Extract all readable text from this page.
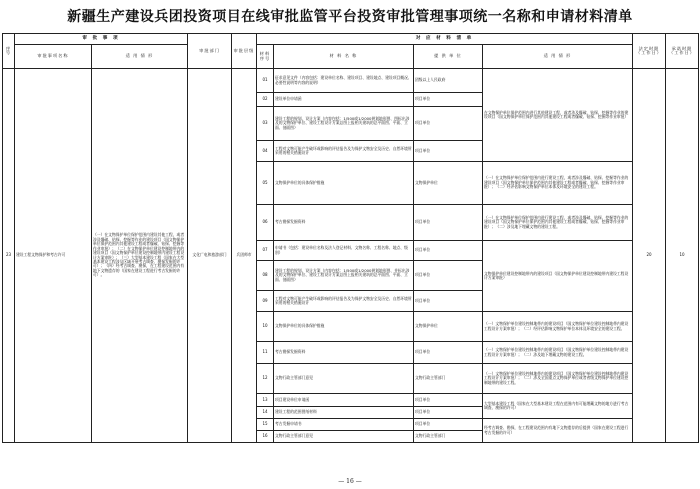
新疆生产建设兵团投资项目在线审批监管平台投资审批管理事项统一名称和申请材料清单
序号	审 批 事 项		审批部门	审批层级	对 应 材 料 清 单				法定时限（工作日）	承诺时限（工作日）
	审批事项名称	适 用 情 形			材料序号	材 料 名 称	提 供 单 位	适 用 情 形		
23	建设工程文物保护和考古许可	（一）在文物保护单位保护范围内建设其他工程，或者涉及爆破、钻探、挖掘等作业的建设项目（国文物保护单位保护范围内其他建设工程或者爆破、钻探、挖掘等作业审批）；（二）在文物保护单位建设控制地带内的建设项目（国文物保护单位建设控制地带内建设工程设计方案审批）；（三）大型基本建设工程（国家在大型基本建设工程涉及区域开展考古调查、勘探发掘的许可）；（四）经考古调查、勘探，在工程建设范围内有地下文物遗存的（国家在建设工程进行考古发掘的许可）。	文化广电和旅游部门	兵团师市	01	征求意见文件（内容包括：建设单位名称、建设项目、建设地点、建设项目概况、必要性说明等内容的说明）	团级以上人民政府	在文物保护单位保护范围内进行其他建设工程，或者涉及爆破、钻探、挖掘等作业的建设项目（国文物保护单位保护范围内其他建设工程或者爆破、钻探、挖掘等作业审批）	20	10
					02	建设单位申请函	项目单位			
					03	建设工程的规划、设计方案（内容包括：1/500或1/2000规划地形图、图标出涉及的文物保护单位、建设工程设计方案总图上报相关建筑的总平面图、平面、立面、剖面图）	项目单位			
					04	工程对文物可能产生破坏或影响的评估报告及为保护文物安全及历史、自然环境所采用的相关措施设计	项目单位			
					05	文物保护单位的具体保护措施	文物保护单位	（一）在文物保护单位保护范围内进行建设工程，或者涉及爆破、钻探、挖掘等作业的建设项目（国文物保护单位保护范围内其他建设工程或者爆破、钻探、挖掘等作业审批）；（二）经评估影响文物保护单位本体及环境安全的建设工程。		
					06	考古勘探发掘资料	项目单位	（一）在文物保护单位保护范围内进行建设工程，或者涉及爆破、钻探、挖掘等作业的建设项目（国文物保护单位保护范围内其他建设工程或者爆破、钻探、挖掘等作业审批）；（二）涉及地下埋藏文物的建设工程。		
					07	申请书（包括：建设单位名称及法人登记材料、文物名称、工程名称、地点、级别）	项目单位	文物保护单位建设控制地带内的建设项目（国文物保护单位建设控制地带内建设工程设计方案审批）		
					08	建设工程的规划、设计方案（内容包括：1/500或1/2000规划地形图、并标出涉及的文物保护单位、建设工程设计方案总图上报相关建筑的总平面图、平面、立面、剖面图）	项目单位			
					09	工程对文物可能产生破坏或影响的评估报告及为保护文物安全及历史、自然环境所采用的相关措施设计	项目单位			
					10	文物保护单位的具体保护措施	文物保护单位	（一）文物保护单位建设控制地带内的建设项目（国文物保护单位建设控制地带内建设工程设计方案审批）；（二）经评估影响文物保护单位本体及环境安全的建设工程。		
					11	考古勘探发掘资料	项目单位	（一）文物保护单位建设控制地带内的建设项目（国文物保护单位建设控制地带内建设工程设计方案审批）；（二）涉及地下埋藏文物的建设工程。		
					12	文物行政主管部门意见	文物行政主管部门	（一）文物保护单位建设控制地带内的建设项目（国文物保护单位建设控制地带内建设工程设计方案审批）；（二）涉及全国重点文物保护单位或者省级文物保护单位建设控制地带的建设工程。		
					13	项目建设单位申请函	项目单位	大型基本建设工程（国家在大型基本建设工程在范围内有可能埋藏文物的地方进行考古调查、勘探的许可）		
					14	建设工程的范围图纸材料	项目单位			
					15	考古发掘申请书	项目单位	经考古调查、勘探，在工程建设范围内有地下文物遗存的后提供（国家在建设工程进行考古发掘的许可）		
					16	文物行政主管部门意见	文物行政主管部门			
— 16 —
